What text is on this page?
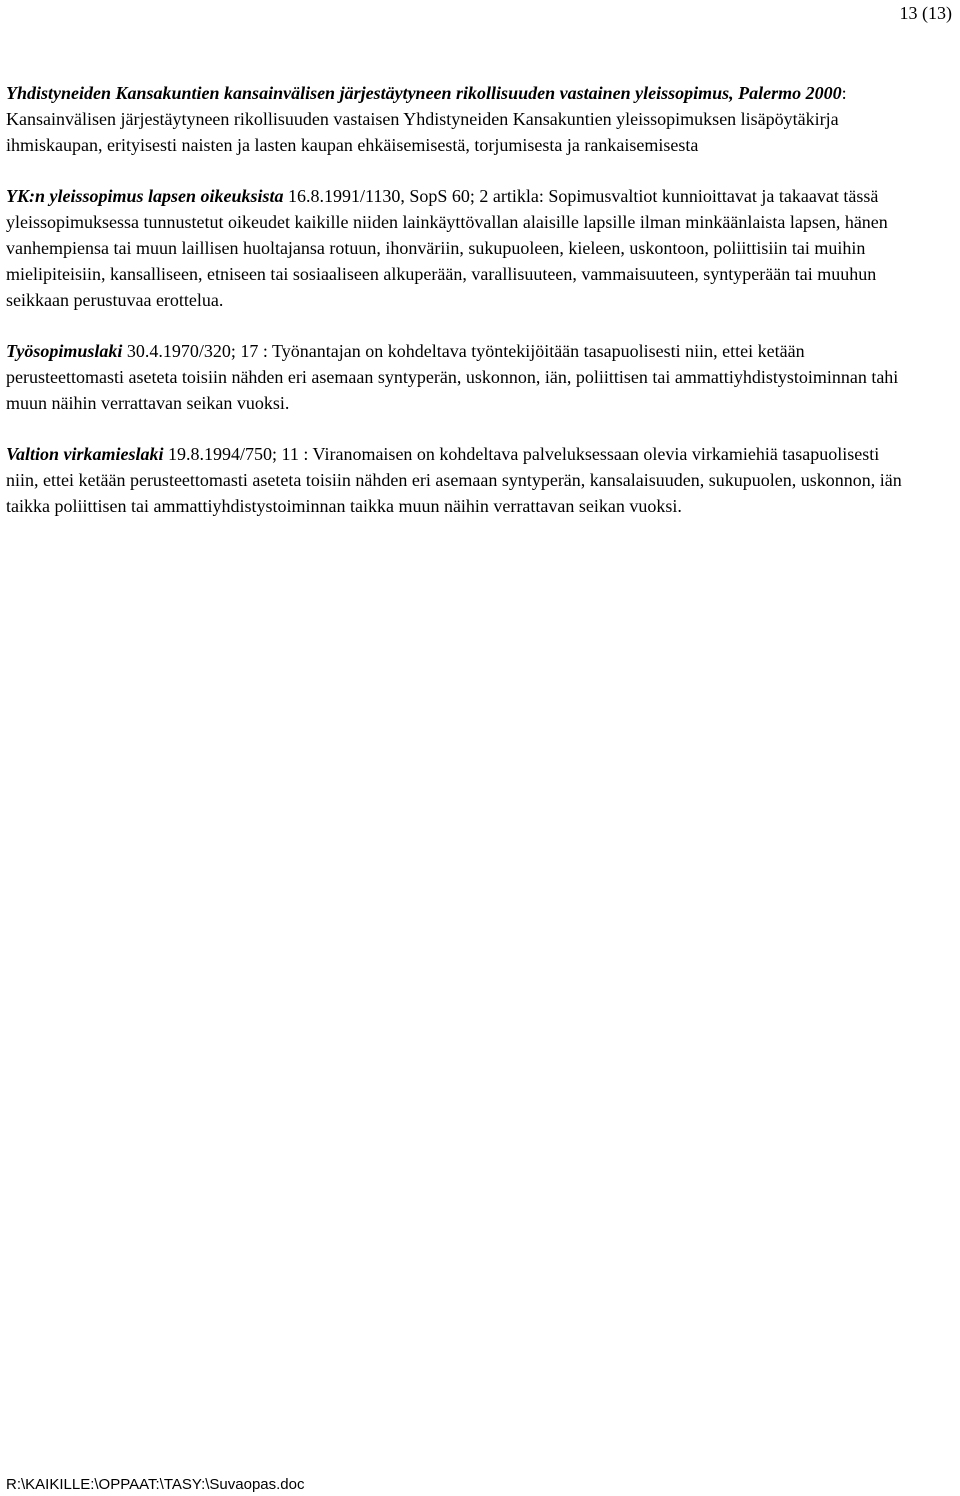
13 (13)

Yhdistyneiden Kansakuntien kansainvälisen järjestäytyneen rikollisuuden vastainen yleissopimus, Palermo 2000: Kansainvälisen järjestäytyneen rikollisuuden vastaisen Yhdistyneiden Kansakuntien yleissopimuksen lisäpöytäkirja ihmiskaupan, erityisesti naisten ja lasten kaupan ehkäisemisestä, torjumisesta ja rankaisemisesta

YK:n yleissopimus lapsen oikeuksista 16.8.1991/1130, SopS 60; 2 artikla: Sopimusvaltiot kunnioittavat ja takaavat tässä yleissopimuksessa tunnustetut oikeudet kaikille niiden lainkäyttövallan alaisille lapsille ilman minkäänlaista lapsen, hänen vanhempiensa tai muun laillisen huoltajansa rotuun, ihonväriin, sukupuoleen, kieleen, uskontoon, poliittisiin tai muihin mielipiteisiin, kansalliseen, etniseen tai sosiaaliseen alkuperään, varallisuuteen, vammaisuuteen, syntyperään tai muuhun seikkaan perustuvaa erottelua.

Työsopimuslaki 30.4.1970/320; 17 : Työnantajan on kohdeltava työntekijöitään tasapuolisesti niin, ettei ketään perusteettomasti aseteta toisiin nähden eri asemaan syntyperän, uskonnon, iän, poliittisen tai ammattiyhdistystoiminnan tahi muun näihin verrattavan seikan vuoksi.

Valtion virkamieslaki 19.8.1994/750; 11 : Viranomaisen on kohdeltava palveluksessaan olevia virkamiehiä tasapuolisesti niin, ettei ketään perusteettomasti aseteta toisiin nähden eri asemaan syntyperän, kansalaisuuden, sukupuolen, uskonnon, iän taikka poliittisen tai ammattiyhdistystoiminnan taikka muun näihin verrattavan seikan vuoksi.

R:\KAIKILLE:\OPPAAT:\TASY:\Suvaopas.doc
